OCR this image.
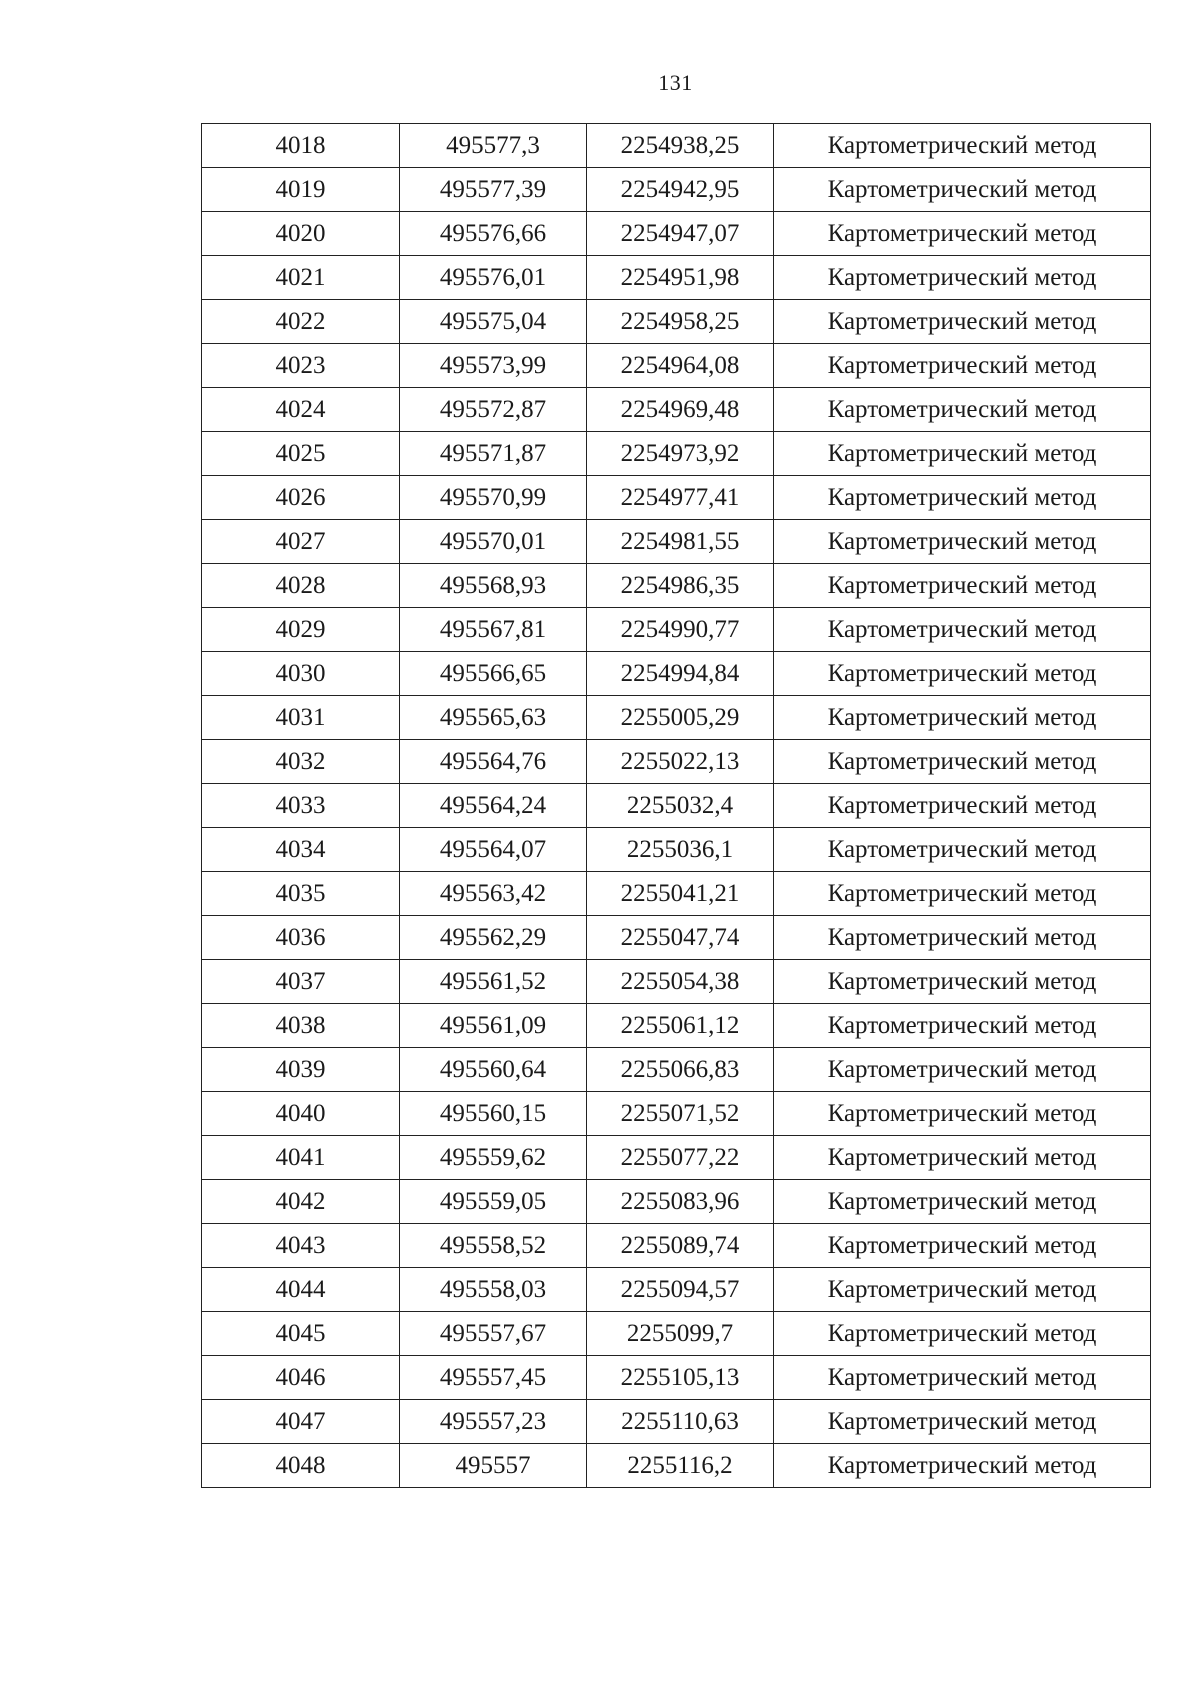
131
4018	495577,3	2254938,25	Картометрический метод
4019	495577,39	2254942,95	Картометрический метод
4020	495576,66	2254947,07	Картометрический метод
4021	495576,01	2254951,98	Картометрический метод
4022	495575,04	2254958,25	Картометрический метод
4023	495573,99	2254964,08	Картометрический метод
4024	495572,87	2254969,48	Картометрический метод
4025	495571,87	2254973,92	Картометрический метод
4026	495570,99	2254977,41	Картометрический метод
4027	495570,01	2254981,55	Картометрический метод
4028	495568,93	2254986,35	Картометрический метод
4029	495567,81	2254990,77	Картометрический метод
4030	495566,65	2254994,84	Картометрический метод
4031	495565,63	2255005,29	Картометрический метод
4032	495564,76	2255022,13	Картометрический метод
4033	495564,24	2255032,4	Картометрический метод
4034	495564,07	2255036,1	Картометрический метод
4035	495563,42	2255041,21	Картометрический метод
4036	495562,29	2255047,74	Картометрический метод
4037	495561,52	2255054,38	Картометрический метод
4038	495561,09	2255061,12	Картометрический метод
4039	495560,64	2255066,83	Картометрический метод
4040	495560,15	2255071,52	Картометрический метод
4041	495559,62	2255077,22	Картометрический метод
4042	495559,05	2255083,96	Картометрический метод
4043	495558,52	2255089,74	Картометрический метод
4044	495558,03	2255094,57	Картометрический метод
4045	495557,67	2255099,7	Картометрический метод
4046	495557,45	2255105,13	Картометрический метод
4047	495557,23	2255110,63	Картометрический метод
4048	495557	2255116,2	Картометрический метод
